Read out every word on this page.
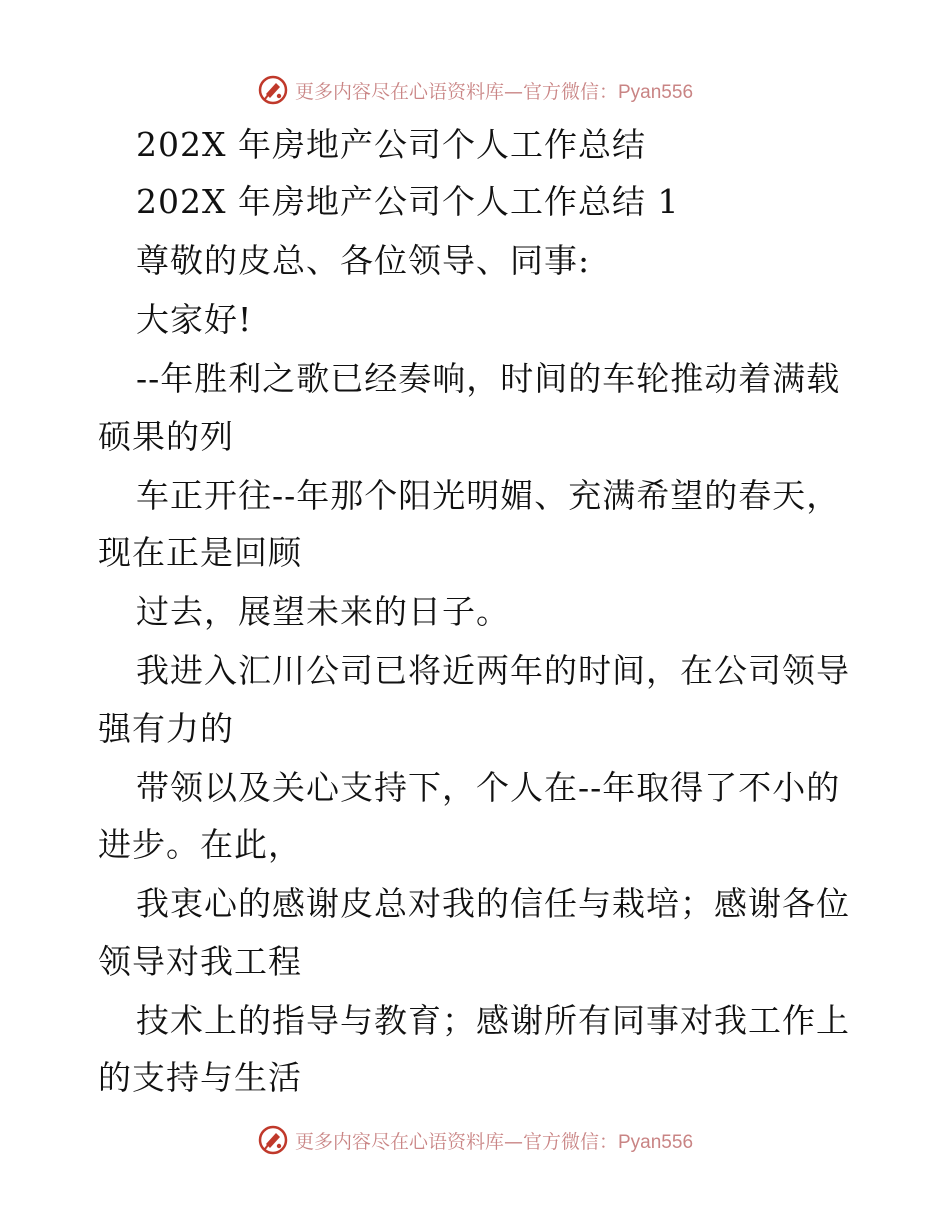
更多内容尽在心语资料库—官方微信：Pyan556
202X 年房地产公司个人工作总结
202X 年房地产公司个人工作总结 1
尊敬的皮总、各位领导、同事:
大家好!
--年胜利之歌已经奏响，时间的车轮推动着满载
硕果的列
车正开往--年那个阳光明媚、充满希望的春天，
现在正是回顾
过去，展望未来的日子。
我进入汇川公司已将近两年的时间，在公司领导
强有力的
带领以及关心支持下，个人在--年取得了不小的
进步。在此，
我衷心的感谢皮总对我的信任与栽培；感谢各位
领导对我工程
技术上的指导与教育；感谢所有同事对我工作上
的支持与生活
更多内容尽在心语资料库—官方微信：Pyan556
